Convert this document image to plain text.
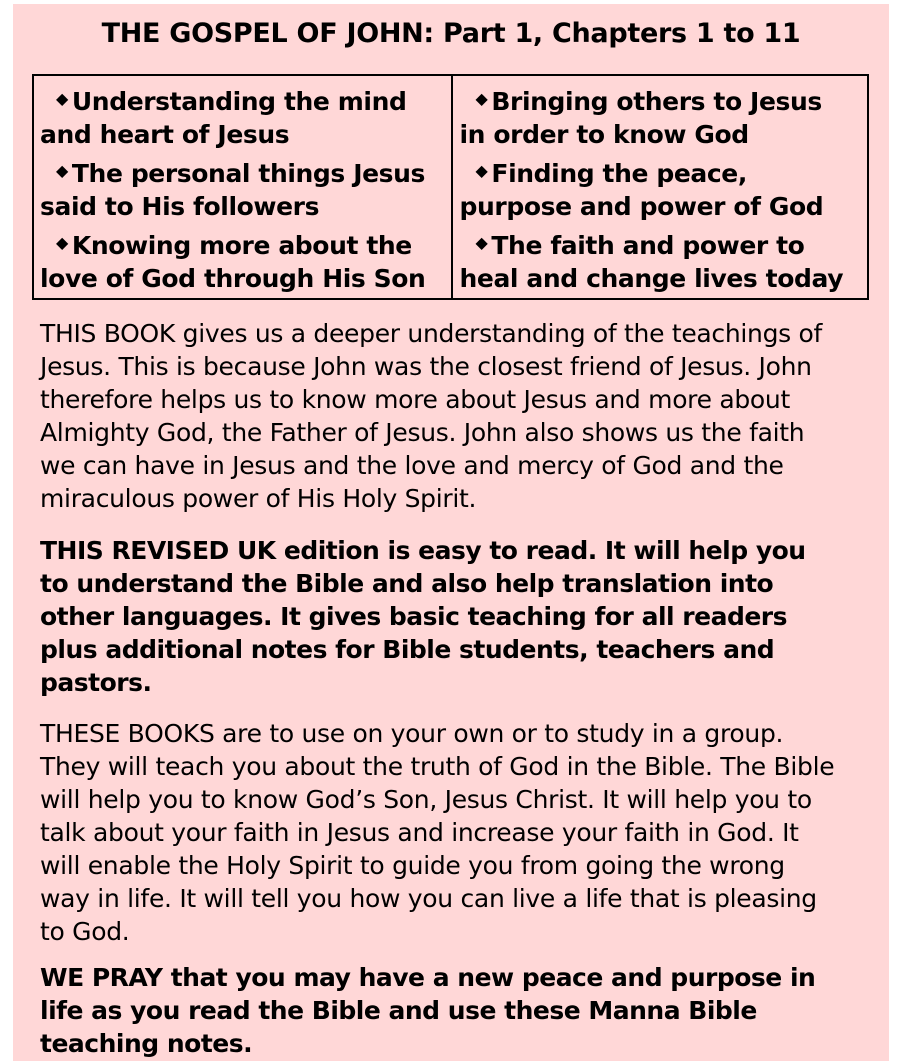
THE GOSPEL OF JOHN: Part 1, Chapters 1 to 11
◆ Understanding the mind
and heart of Jesus
◆ The personal things Jesus
said to His followers
◆ Knowing more about the
love of God through His Son
◆ Bringing others to Jesus
in order to know God
◆ Finding the peace,
purpose and power of God
◆ The faith and power to
heal and change lives today
THIS BOOK gives us a deeper understanding of the teachings of
Jesus. This is because John was the closest friend of Jesus. John
therefore helps us to know more about Jesus and more about
Almighty God, the Father of Jesus. John also shows us the faith
we can have in Jesus and the love and mercy of God and the
miraculous power of His Holy Spirit.
THIS REVISED UK edition is easy to read. It will help you
to understand the Bible and also help translation into
other languages. It gives basic teaching for all readers
plus additional notes for Bible students, teachers and
pastors.
THESE BOOKS are to use on your own or to study in a group.
They will teach you about the truth of God in the Bible. The Bible
will help you to know God’s Son, Jesus Christ. It will help you to
talk about your faith in Jesus and increase your faith in God. It
will enable the Holy Spirit to guide you from going the wrong
way in life. It will tell you how you can live a life that is pleasing
to God.
WE PRAY that you may have a new peace and purpose in
life as you read the Bible and use these Manna Bible
teaching notes.
